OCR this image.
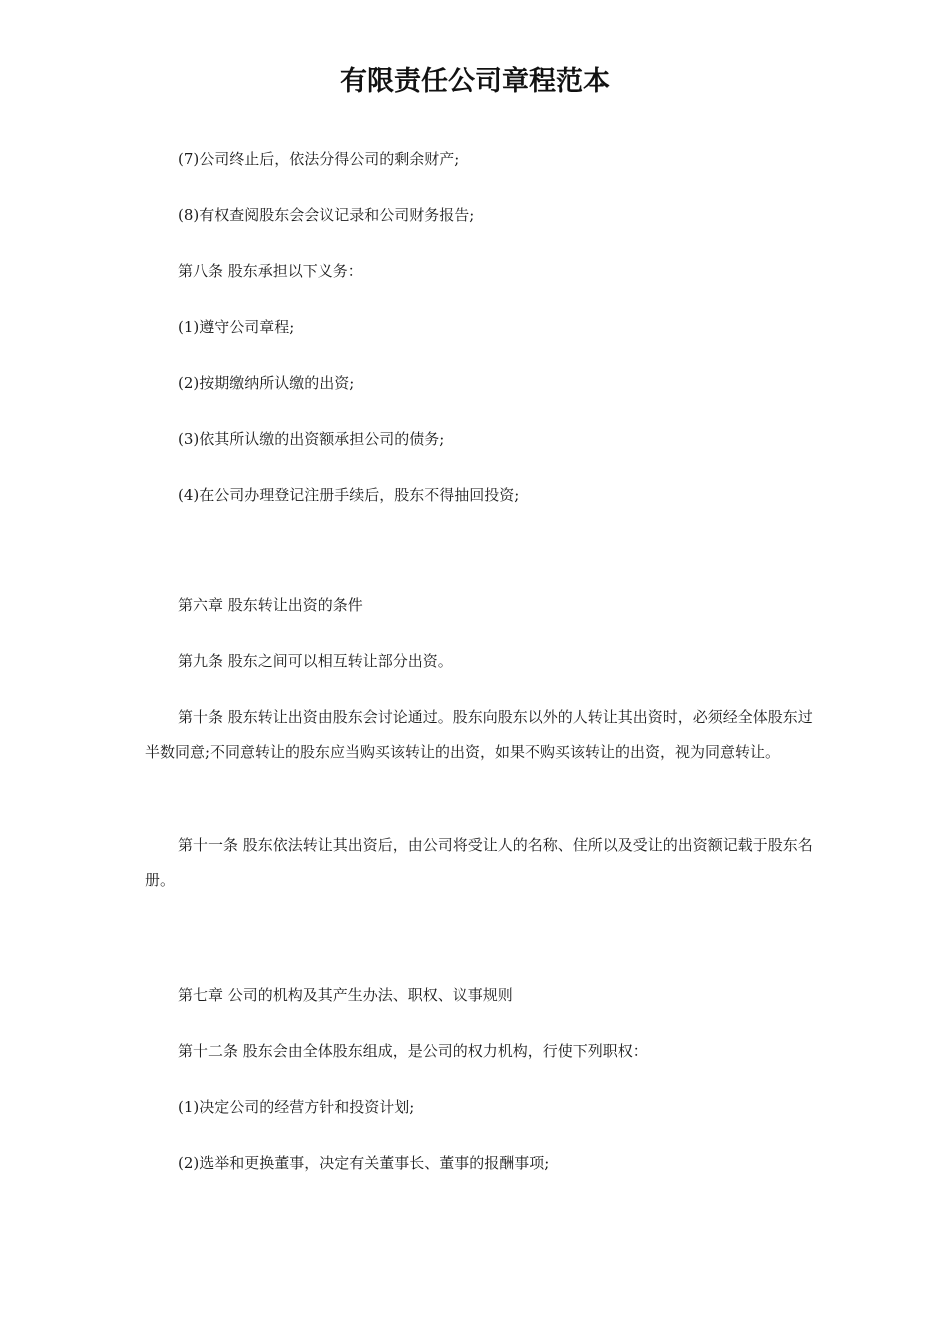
有限责任公司章程范本

(7)公司终止后，依法分得公司的剩余财产;

(8)有权查阅股东会会议记录和公司财务报告;

第八条 股东承担以下义务：

(1)遵守公司章程;

(2)按期缴纳所认缴的出资;

(3)依其所认缴的出资额承担公司的债务;

(4)在公司办理登记注册手续后，股东不得抽回投资;

第六章 股东转让出资的条件

第九条 股东之间可以相互转让部分出资。

第十条 股东转让出资由股东会讨论通过。股东向股东以外的人转让其出资时，必须经全体股东过半数同意;不同意转让的股东应当购买该转让的出资，如果不购买该转让的出资，视为同意转让。

第十一条 股东依法转让其出资后，由公司将受让人的名称、住所以及受让的出资额记载于股东名册。

第七章 公司的机构及其产生办法、职权、议事规则

第十二条 股东会由全体股东组成，是公司的权力机构，行使下列职权：

(1)决定公司的经营方针和投资计划;

(2)选举和更换董事，决定有关董事长、董事的报酬事项;
